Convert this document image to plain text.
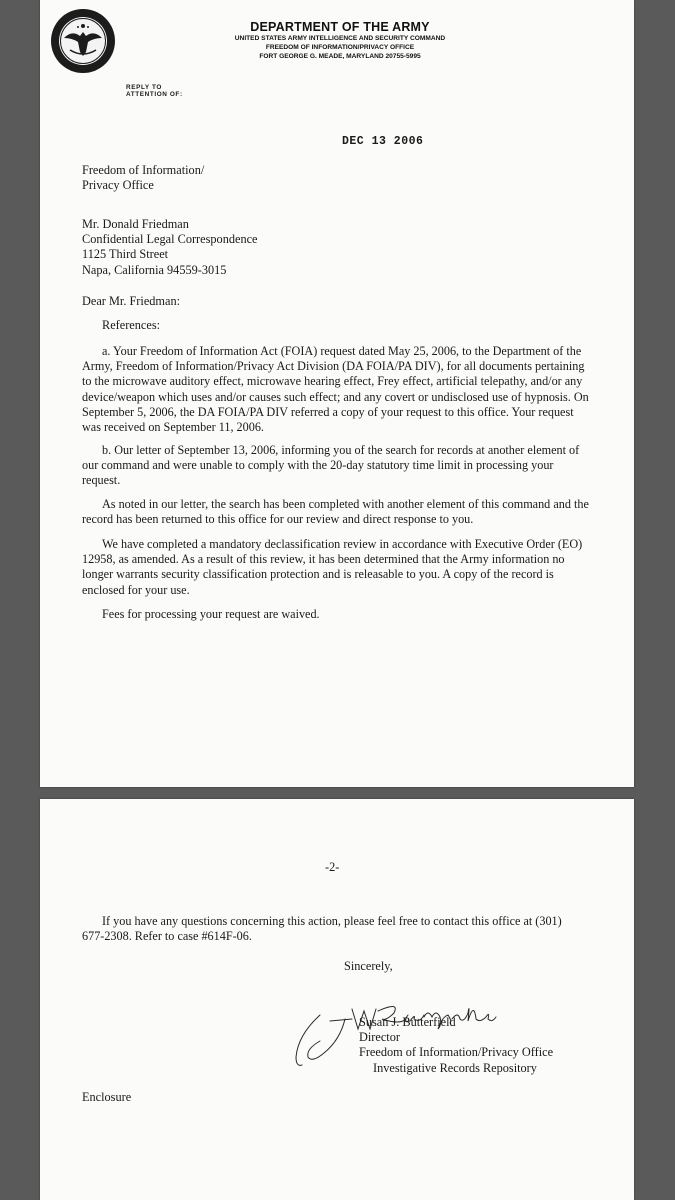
DEPARTMENT OF THE ARMY
UNITED STATES ARMY INTELLIGENCE AND SECURITY COMMAND
FREEDOM OF INFORMATION/PRIVACY OFFICE
FORT GEORGE G. MEADE, MARYLAND 20755-5995
REPLY TO
ATTENTION OF:
DEC 13 2006
Freedom of Information/
Privacy Office
Mr. Donald Friedman
Confidential Legal Correspondence
1125 Third Street
Napa, California 94559-3015
Dear Mr. Friedman:
References:
a. Your Freedom of Information Act (FOIA) request dated May 25, 2006, to the Department of the Army, Freedom of Information/Privacy Act Division (DA FOIA/PA DIV), for all documents pertaining to the microwave auditory effect, microwave hearing effect, Frey effect, artificial telepathy, and/or any device/weapon which uses and/or causes such effect; and any covert or undisclosed use of hypnosis. On September 5, 2006, the DA FOIA/PA DIV referred a copy of your request to this office. Your request was received on September 11, 2006.
b. Our letter of September 13, 2006, informing you of the search for records at another element of our command and were unable to comply with the 20-day statutory time limit in processing your request.
As noted in our letter, the search has been completed with another element of this command and the record has been returned to this office for our review and direct response to you.
We have completed a mandatory declassification review in accordance with Executive Order (EO) 12958, as amended. As a result of this review, it has been determined that the Army information no longer warrants security classification protection and is releasable to you. A copy of the record is enclosed for your use.
Fees for processing your request are waived.
-2-
If you have any questions concerning this action, please feel free to contact this office at (301) 677-2308. Refer to case #614F-06.
Sincerely,
Susan J. Butterfield
Director
Freedom of Information/Privacy Office
Investigative Records Repository
Enclosure
